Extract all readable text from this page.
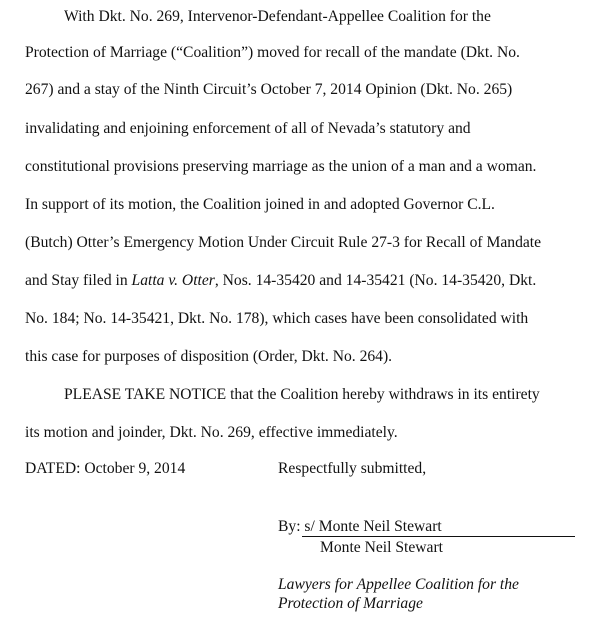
With Dkt. No. 269, Intervenor-Defendant-Appellee Coalition for the
Protection of Marriage (“Coalition”) moved for recall of the mandate (Dkt. No.
267) and a stay of the Ninth Circuit’s October 7, 2014 Opinion (Dkt. No. 265)
invalidating and enjoining enforcement of all of Nevada’s statutory and
constitutional provisions preserving marriage as the union of a man and a woman.
In support of its motion, the Coalition joined in and adopted Governor C.L.
(Butch) Otter’s Emergency Motion Under Circuit Rule 27-3 for Recall of Mandate
and Stay filed in Latta v. Otter, Nos. 14-35420 and 14-35421 (No. 14-35420, Dkt.
No. 184; No. 14-35421, Dkt. No. 178), which cases have been consolidated with
this case for purposes of disposition (Order, Dkt. No. 264).
PLEASE TAKE NOTICE that the Coalition hereby withdraws in its entirety
its motion and joinder, Dkt. No. 269, effective immediately.
DATED: October 9, 2014	Respectfully submitted,
By: s/ Monte Neil Stewart
Monte Neil Stewart
Lawyers for Appellee Coalition for the
Protection of Marriage
